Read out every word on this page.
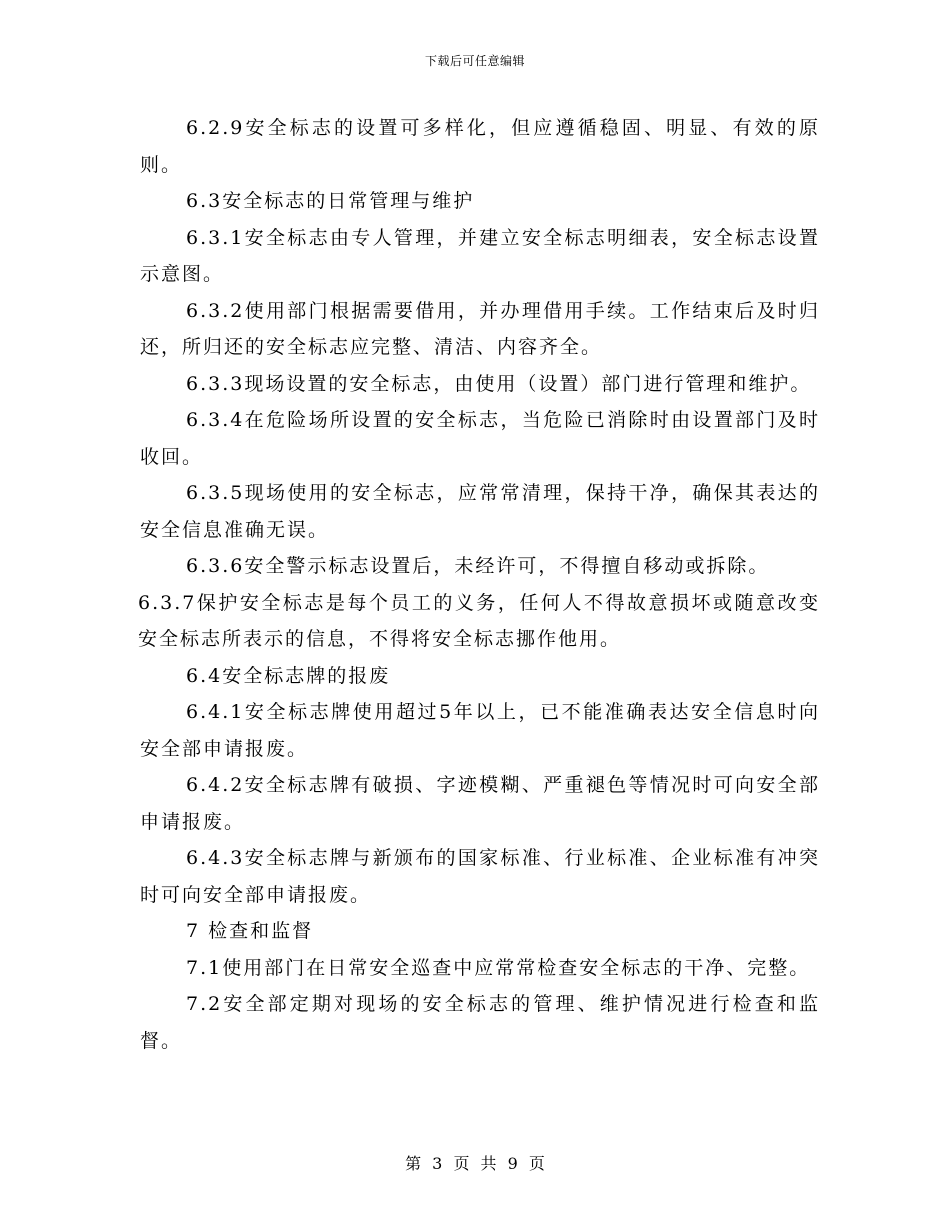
下载后可任意编辑

6.2.9安全标志的设置可多样化，但应遵循稳固、明显、有效的原则。

6.3安全标志的日常管理与维护

6.3.1安全标志由专人管理，并建立安全标志明细表，安全标志设置示意图。

6.3.2使用部门根据需要借用，并办理借用手续。工作结束后及时归还，所归还的安全标志应完整、清洁、内容齐全。

6.3.3现场设置的安全标志，由使用（设置）部门进行管理和维护。

6.3.4在危险场所设置的安全标志，当危险已消除时由设置部门及时收回。

6.3.5现场使用的安全标志，应常常清理，保持干净，确保其表达的安全信息准确无误。

6.3.6安全警示标志设置后，未经许可，不得擅自移动或拆除。

6.3.7保护安全标志是每个员工的义务，任何人不得故意损坏或随意改变安全标志所表示的信息，不得将安全标志挪作他用。

6.4安全标志牌的报废

6.4.1安全标志牌使用超过5年以上，已不能准确表达安全信息时向安全部申请报废。

6.4.2安全标志牌有破损、字迹模糊、严重褪色等情况时可向安全部申请报废。

6.4.3安全标志牌与新颁布的国家标准、行业标准、企业标准有冲突时可向安全部申请报废。

7 检查和监督

7.1使用部门在日常安全巡查中应常常检查安全标志的干净、完整。

7.2安全部定期对现场的安全标志的管理、维护情况进行检查和监督。

第 3 页 共 9 页
